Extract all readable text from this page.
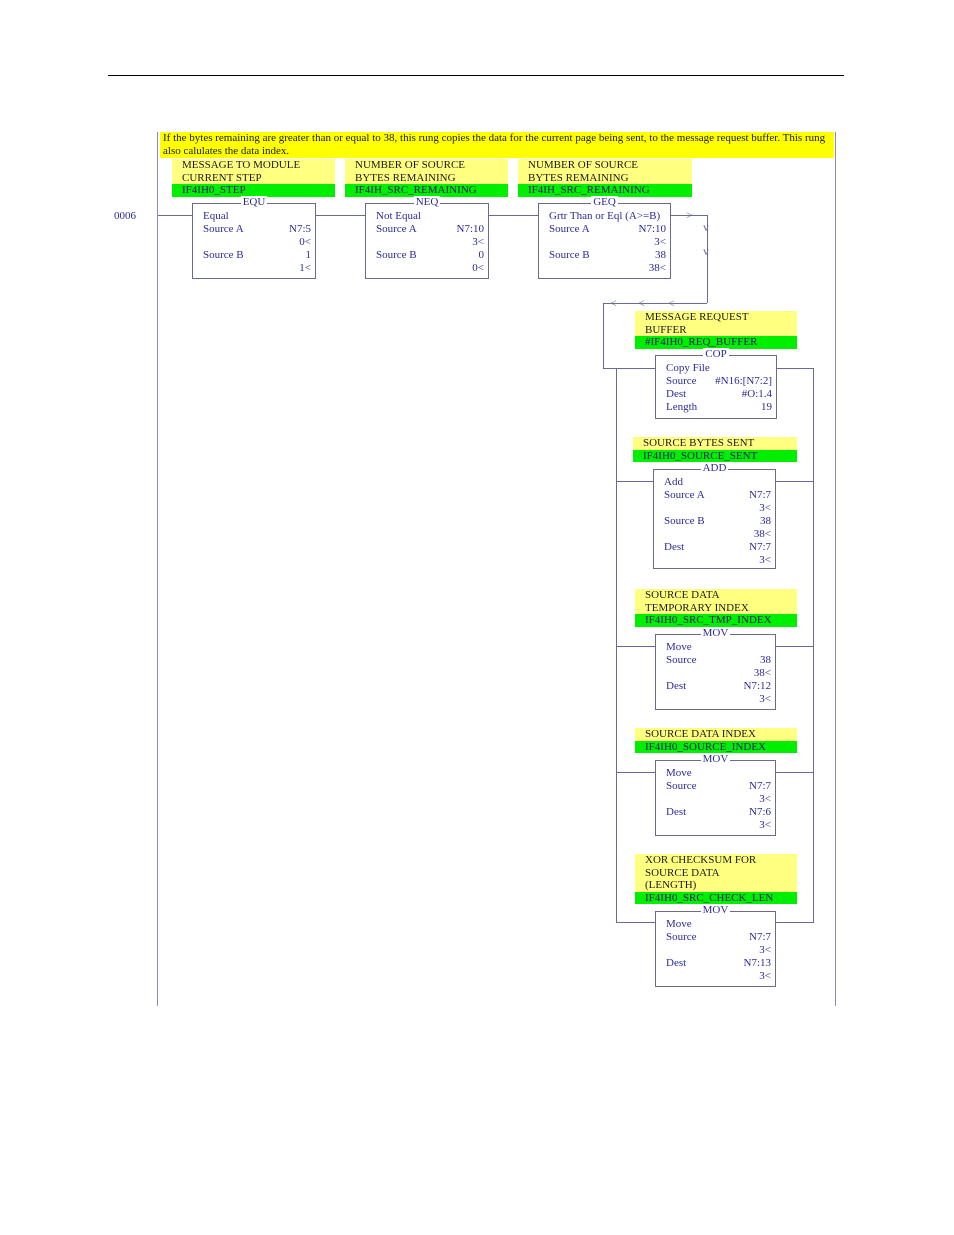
If the bytes remaining are greater than or equal to 38, this rung copies the data for the current page being sent, to the message request buffer. This rung also calulates the data index.
0006	>
v
v
< < <
MESSAGE TO MODULE
CURRENT STEP
IF4IH0_STEP
EQU
Equal
Source A	N7:5
0<
Source B	1
1<
NUMBER OF SOURCE
BYTES REMAINING
IF4IH_SRC_REMAINING
NEQ
Not Equal
Source A	N7:10
3<
Source B	0
0<
NUMBER OF SOURCE
BYTES REMAINING
IF4IH_SRC_REMAINING
GEQ
Grtr Than or Eql (A>=B)
Source A	N7:10
3<
Source B	38
38<
MESSAGE REQUEST
BUFFER
#IF4IH0_REQ_BUFFER
COP
Copy File
Source #N16:[N7:2]
Dest	#O:1.4
Length	19
SOURCE BYTES SENT
IF4IH0_SOURCE_SENT
ADD
Add
Source A	N7:7
3<
Source B	38
38<
Dest	N7:7
3<
SOURCE DATA
TEMPORARY INDEX
IF4IH0_SRC_TMP_INDEX
MOV
Move
Source	38
38<
Dest	N7:12
3<
SOURCE DATA INDEX
IF4IH0_SOURCE_INDEX
MOV
Move
Source	N7:7
3<
Dest	N7:6
3<
XOR CHECKSUM FOR
SOURCE DATA
(LENGTH)
IF4IH0_SRC_CHECK_LEN
MOV
Move
Source	N7:7
3<
Dest	N7:13
3<
